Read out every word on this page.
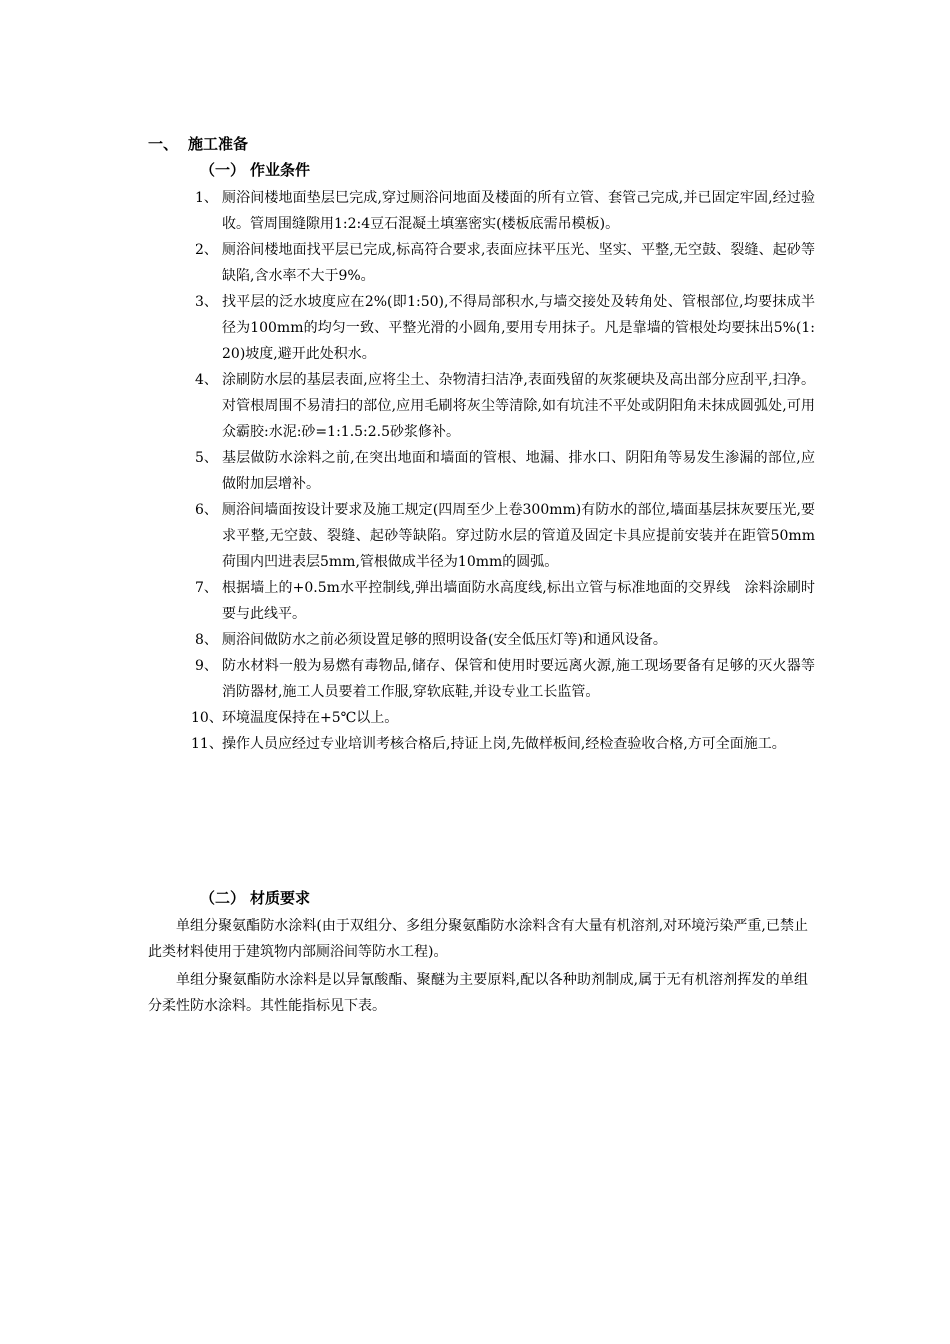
一、 施工准备
（一） 作业条件
1、 厕浴间楼地面垫层巳完成,穿过厕浴问地面及楼面的所有立管、套管己完成,并已固定牢固,经过验收。管周围缝隙用1:2:4豆石混凝土填塞密实(楼板底需吊模板)。
2、 厕浴间楼地面找平层已完成,标高符合要求,表面应抹平压光、坚实、平整,无空鼓、裂缝、起砂等缺陷,含水率不大于9%。
3、 找平层的泛水坡度应在2%(即1:50),不得局部积水,与墙交接处及转角处、管根部位,均要抹成半径为100mm的均匀一致、平整光滑的小圆角,要用专用抹子。凡是靠墙的管根处均要抹出5%(1:20)坡度,避开此处积水。
4、 涂刷防水层的基层表面,应将尘土、杂物清扫洁净,表面残留的灰浆硬块及高出部分应刮平,扫净。对管根周围不易清扫的部位,应用毛刷将灰尘等清除,如有坑洼不平处或阴阳角未抹成圆弧处,可用众霸胶:水泥:砂=1:1.5:2.5砂浆修补。
5、 基层做防水涂料之前,在突出地面和墙面的管根、地漏、排水口、阴阳角等易发生渗漏的部位,应做附加层增补。
6、 厕浴间墙面按设计要求及施工规定(四周至少上卷300mm)有防水的部位,墙面基层抹灰要压光,要求平整,无空鼓、裂缝、起砂等缺陷。穿过防水层的管道及固定卡具应提前安装并在距管50mm荷围内凹进表层5mm,管根做成半径为10mm的圆弧。
7、 根据墙上的+0.5m水平控制线,弹出墙面防水高度线,标出立管与标准地面的交界线　涂料涂刷时要与此线平。
8、 厕浴间做防水之前必须设置足够的照明设备(安全低压灯等)和通风设备。
9、 防水材料一般为易燃有毒物品,储存、保管和使用时要远离火源,施工现场要备有足够的灭火器等消防器材,施工人员要着工作服,穿软底鞋,并设专业工长监管。
10、 环境温度保持在+5℃以上。
11、 操作人员应经过专业培训考核合格后,持证上岗,先做样板间,经检查验收合格,方可全面施工。
（二） 材质要求

单组分聚氨酯防水涂料(由于双组分、多组分聚氨酯防水涂料含有大量有机溶剂,对环境污染严重,已禁止此类材料使用于建筑物内部厕浴间等防水工程)。

单组分聚氨酯防水涂料是以异氰酸酯、聚醚为主要原料,配以各种助剂制成,属于无有机溶剂挥发的单组分柔性防水涂料。其性能指标见下表。
